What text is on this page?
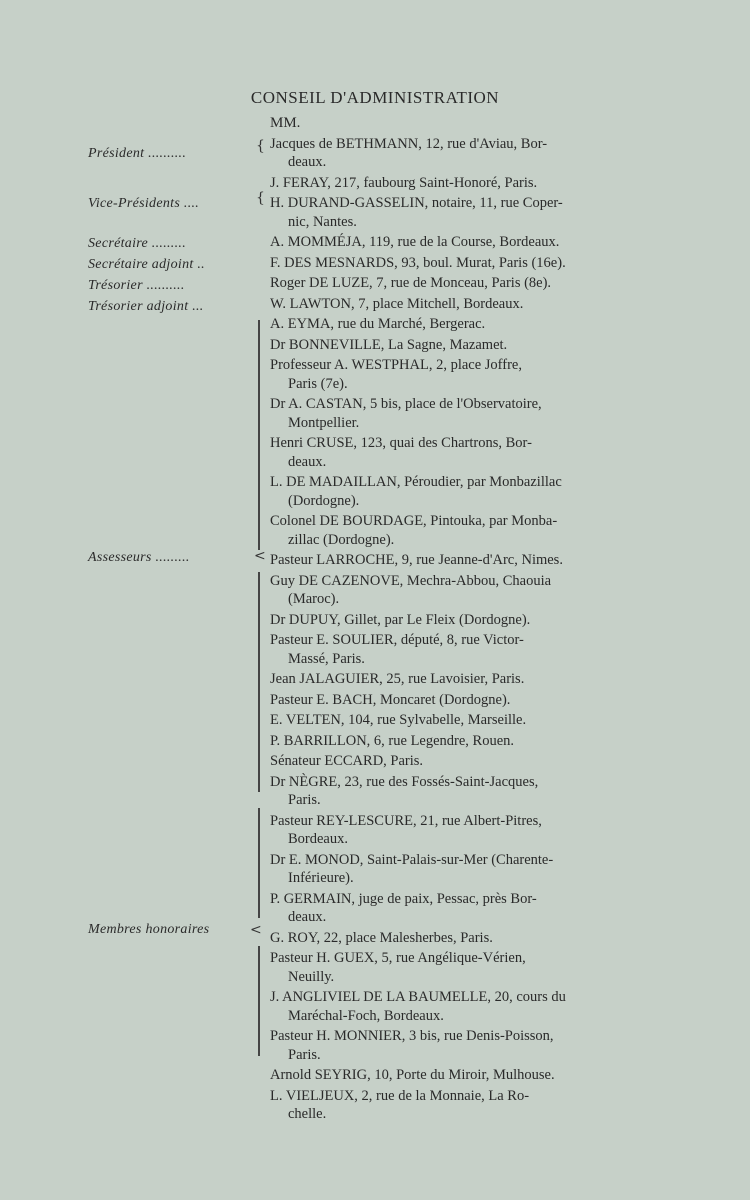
CONSEIL D'ADMINISTRATION
Président ..........
Vice-Présidents ....
Secrétaire .........
Secrétaire adjoint ..
Trésorier ..........
Trésorier adjoint ...
Assesseurs .........
Membres honoraires
{
{
<
<
MM.
Jacques de BETHMANN, 12, rue d'Aviau, Bor-
deaux.
J. FERAY, 217, faubourg Saint-Honoré, Paris.
H. DURAND-GASSELIN, notaire, 11, rue Coper-
nic, Nantes.
A. MOMMÉJA, 119, rue de la Course, Bordeaux.
F. DES MESNARDS, 93, boul. Murat, Paris (16e).
Roger DE LUZE, 7, rue de Monceau, Paris (8e).
W. LAWTON, 7, place Mitchell, Bordeaux.
A. EYMA, rue du Marché, Bergerac.
Dr BONNEVILLE, La Sagne, Mazamet.
Professeur A. WESTPHAL, 2, place Joffre,
Paris (7e).
Dr A. CASTAN, 5 bis, place de l'Observatoire,
Montpellier.
Henri CRUSE, 123, quai des Chartrons, Bor-
deaux.
L. DE MADAILLAN, Péroudier, par Monbazillac
(Dordogne).
Colonel DE BOURDAGE, Pintouka, par Monba-
zillac (Dordogne).
Pasteur LARROCHE, 9, rue Jeanne-d'Arc, Nimes.
Guy DE CAZENOVE, Mechra-Abbou, Chaouia
(Maroc).
Dr DUPUY, Gillet, par Le Fleix (Dordogne).
Pasteur E. SOULIER, député, 8, rue Victor-
Massé, Paris.
Jean JALAGUIER, 25, rue Lavoisier, Paris.
Pasteur E. BACH, Moncaret (Dordogne).
E. VELTEN, 104, rue Sylvabelle, Marseille.
P. BARRILLON, 6, rue Legendre, Rouen.
Sénateur ECCARD, Paris.
Dr NÈGRE, 23, rue des Fossés-Saint-Jacques,
Paris.
Pasteur REY-LESCURE, 21, rue Albert-Pitres,
Bordeaux.
Dr E. MONOD, Saint-Palais-sur-Mer (Charente-
Inférieure).
P. GERMAIN, juge de paix, Pessac, près Bor-
deaux.
G. ROY, 22, place Malesherbes, Paris.
Pasteur H. GUEX, 5, rue Angélique-Vérien,
Neuilly.
J. ANGLIVIEL DE LA BAUMELLE, 20, cours du
Maréchal-Foch, Bordeaux.
Pasteur H. MONNIER, 3 bis, rue Denis-Poisson,
Paris.
Arnold SEYRIG, 10, Porte du Miroir, Mulhouse.
L. VIELJEUX, 2, rue de la Monnaie, La Ro-
chelle.
